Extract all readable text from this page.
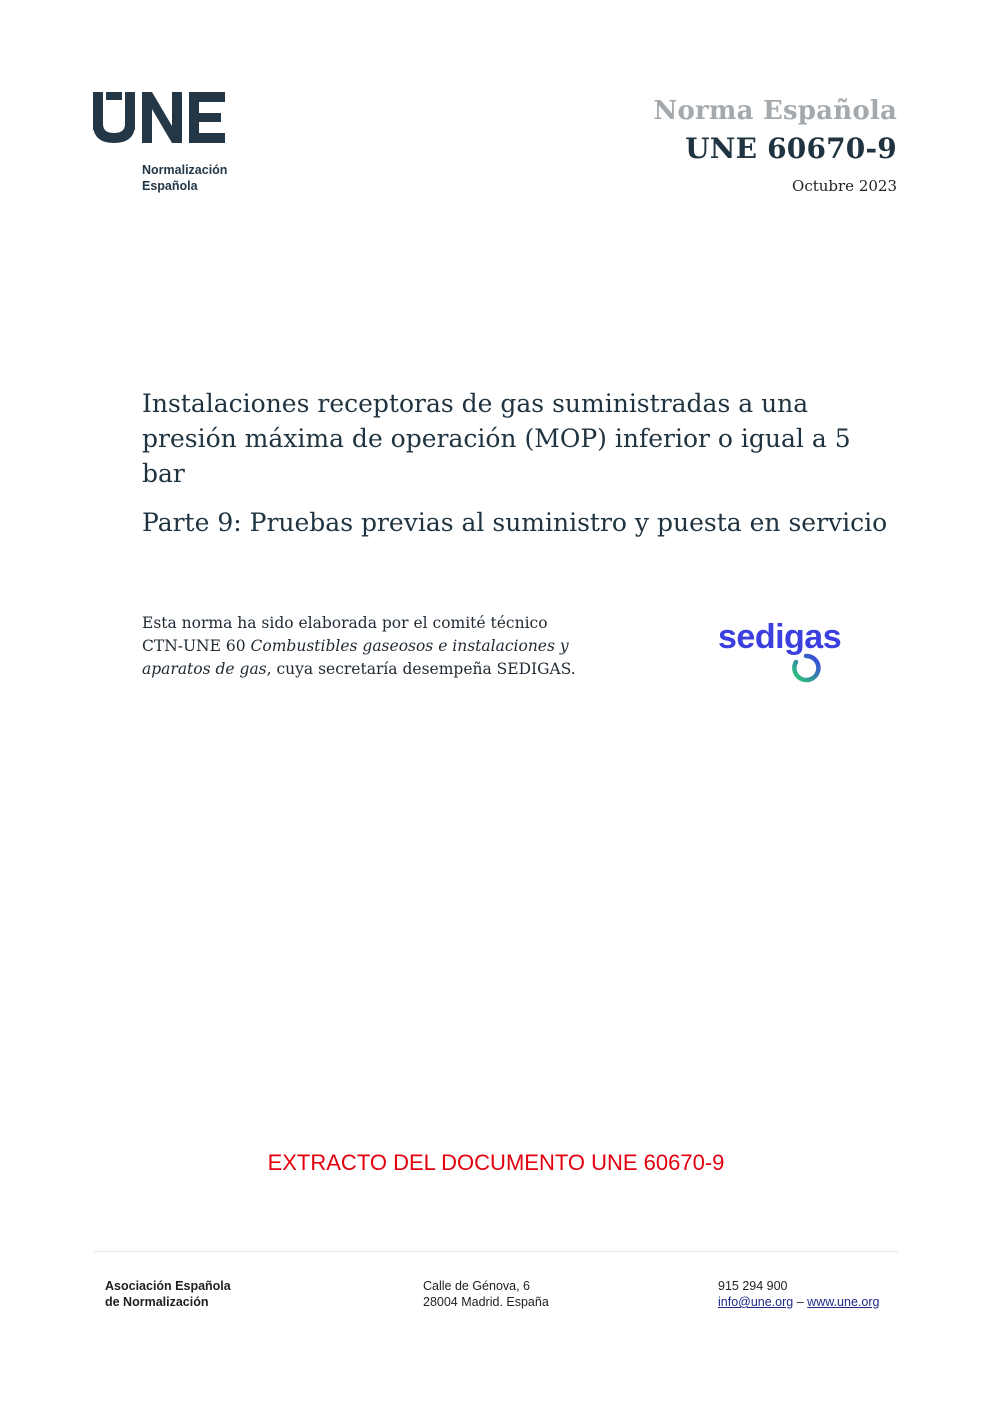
Normalización
Española
Norma Española
UNE 60670-9
Octubre 2023
Instalaciones receptoras de gas suministradas a una presión máxima de operación (MOP) inferior o igual a 5 bar
Parte 9: Pruebas previas al suministro y puesta en servicio
Esta norma ha sido elaborada por el comité técnico
CTN-UNE 60 Combustibles gaseosos e instalaciones y aparatos de gas, cuya secretaría desempeña SEDIGAS.
sedigas
EXTRACTO DEL DOCUMENTO UNE 60670-9
Asociación Española
de Normalización
Calle de Génova, 6
28004 Madrid. España
915 294 900
info@une.org – www.une.org
